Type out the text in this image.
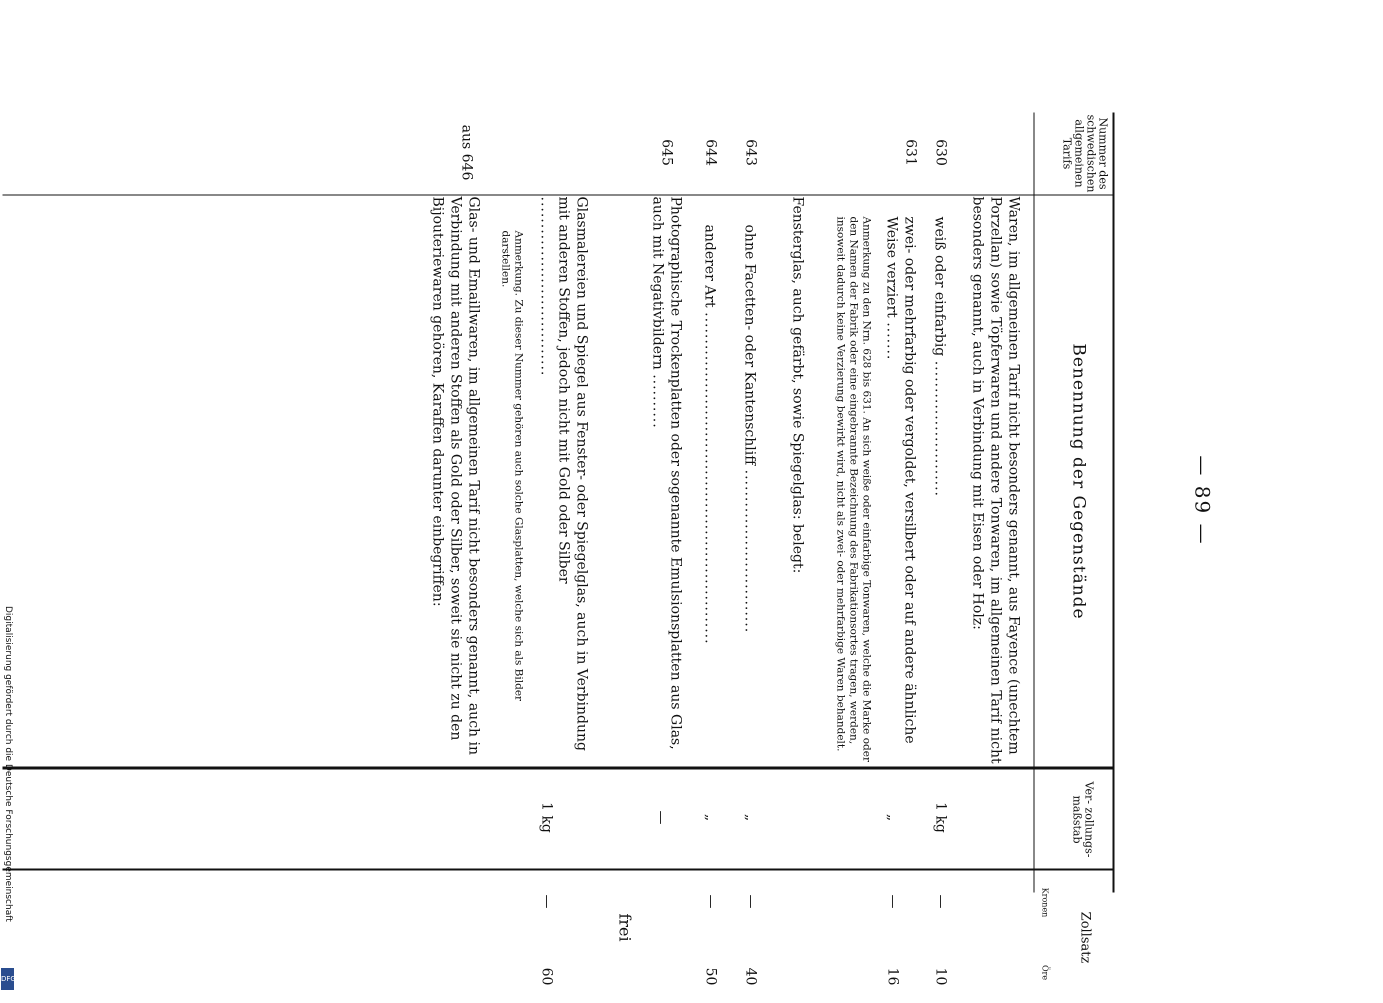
— 89 —
Nummer des schwedischen allgemeinen Tarifs
Benennung der Gegenstände
Ver- zollungs- maßstab
Zollsatz
Kronen
Öre
Waren, im allgemeinen Tarif nicht besonders genannt, aus Fayence (unechtem Porzellan) sowie Töpferwaren und andere Tonwaren, im allgemeinen Tarif nicht besonders genannt, auch in Verbindung mit Eisen oder Holz:
630
weiß oder einfarbig .........................
1 kg
—
10
631
zwei- oder mehrfarbig oder vergoldet, versilbert oder auf andere ähnliche Weise verziert .......
„
—
16
Anmerkung zu den Nrn. 628 bis 631. An sich weiße oder einfarbige Tonwaren, welche die Marke oder den Namen der Fabrik oder eine eingebrannte Bezeichnung des Fabrikationsortes tragen, werden, insoweit dadurch keine Verzierung bewirkt wird, nicht als zwei- oder mehrfarbige Waren behandelt.
Fensterglas, auch gefärbt, sowie Spiegelglas: belegt:
643
ohne Facetten- oder Kantenschliff ..............................
„
—
40
644
anderer Art .............................................................
„
—
50
645
Photographische Trockenplatten oder sogenannte Emulsionsplatten aus Glas, auch mit Negativbildern ..........
—
frei
Glasmalereien und Spiegel aus Fenster- oder Spiegelglas, auch in Verbindung mit anderen Stoffen, jedoch nicht mit Gold oder Silber .................................
1 kg
—
60
Anmerkung. Zu dieser Nummer gehören auch solche Glasplatten, welche sich als Bilder darstellen.
aus 646
Glas- und Emaillwaren, im allgemeinen Tarif nicht besonders genannt, auch in Verbindung mit anderen Stoffen als Gold oder Silber, soweit sie nicht zu den Bijouteriewaren gehören, Karaffen darunter einbegriffen:
Digitalisierung gefördert durch die Deutsche Forschungsgemeinschaft
DFG
